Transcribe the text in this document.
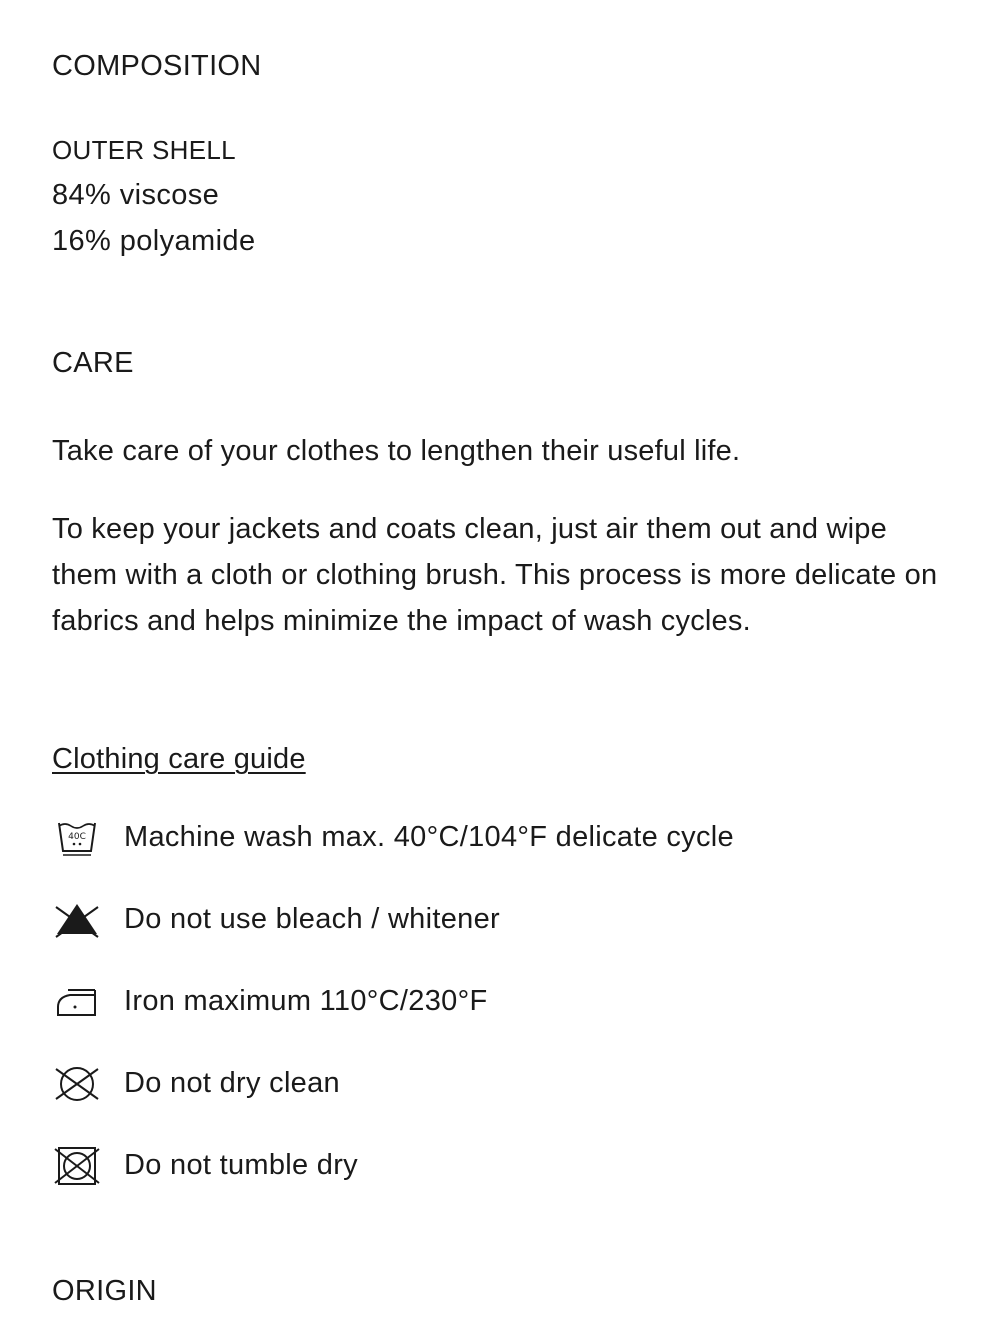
COMPOSITION
OUTER SHELL
84% viscose
16% polyamide
CARE

Take care of your clothes to lengthen their useful life.

To keep your jackets and coats clean, just air them out and wipe them with a cloth or clothing brush. This process is more delicate on fabrics and helps minimize the impact of wash cycles.

Clothing care guide
40C Machine wash max. 40°C/104°F delicate cycle
Do not use bleach / whitener
Iron maximum 110°C/230°F
Do not dry clean
Do not tumble dry
ORIGIN
